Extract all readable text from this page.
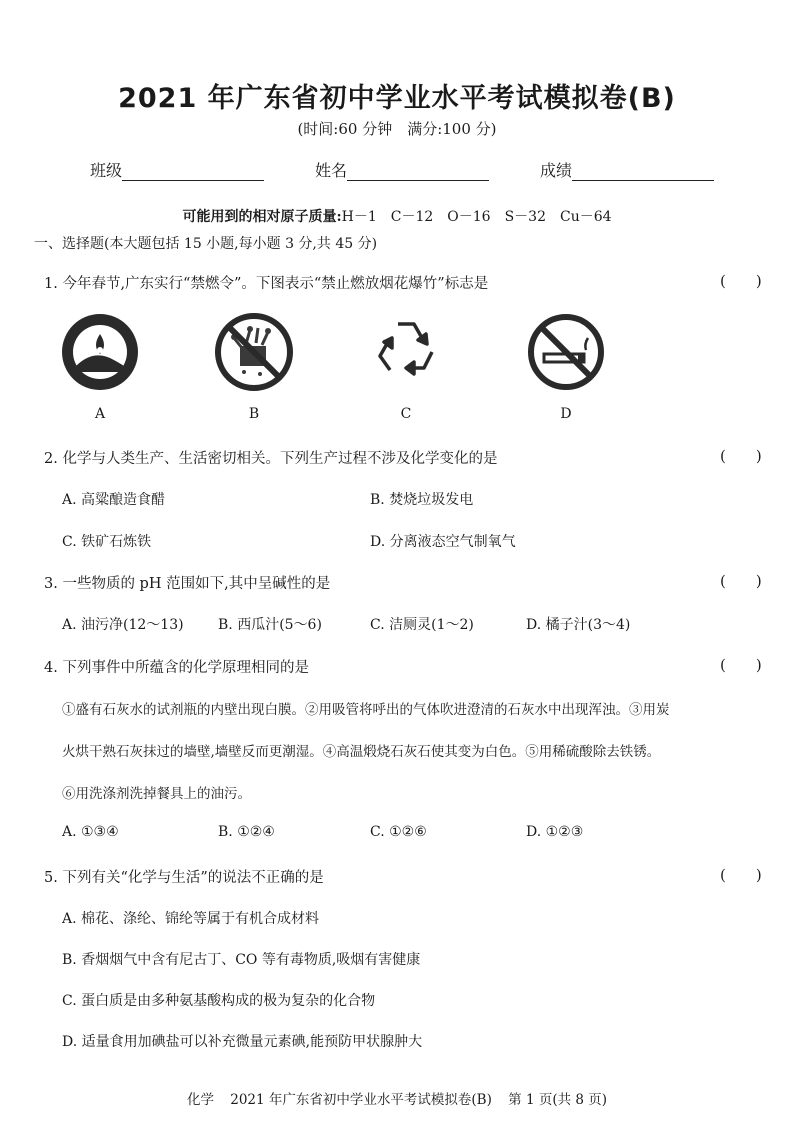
2021 年广东省初中学业水平考试模拟卷(B)
(时间:60 分钟　满分:100 分)
班级	姓名	成绩
可能用到的相对原子质量:H－1　C－12　O－16　S－32　Cu－64
一、选择题(本大题包括 15 小题,每小题 3 分,共 45 分)
1. 今年春节,广东实行“禁燃令”。下图表示“禁止燃放烟花爆竹”标志是	(　　)
A	B	C	D
2. 化学与人类生产、生活密切相关。下列生产过程不涉及化学变化的是	(　　)
A. 高粱酿造食醋	B. 焚烧垃圾发电
C. 铁矿石炼铁	D. 分离液态空气制氧气
3. 一些物质的 pH 范围如下,其中呈碱性的是	(　　)
A. 油污净(12～13) B. 西瓜汁(5～6)	C. 洁厕灵(1～2)	D. 橘子汁(3～4)
4. 下列事件中所蕴含的化学原理相同的是	(　　)
①盛有石灰水的试剂瓶的内壁出现白膜。②用吸管将呼出的气体吹进澄清的石灰水中出现浑浊。③用炭
火烘干熟石灰抹过的墙壁,墙壁反而更潮湿。④高温煅烧石灰石使其变为白色。⑤用稀硫酸除去铁锈。
⑥用洗涤剂洗掉餐具上的油污。
A. ①③④	B. ①②④	C. ①②⑥	D. ①②③
5. 下列有关“化学与生活”的说法不正确的是	(　　)
A. 棉花、涤纶、锦纶等属于有机合成材料
B. 香烟烟气中含有尼古丁、CO 等有毒物质,吸烟有害健康
C. 蛋白质是由多种氨基酸构成的极为复杂的化合物
D. 适量食用加碘盐可以补充微量元素碘,能预防甲状腺肿大
化学 2021 年广东省初中学业水平考试模拟卷(B) 第 1 页(共 8 页)
